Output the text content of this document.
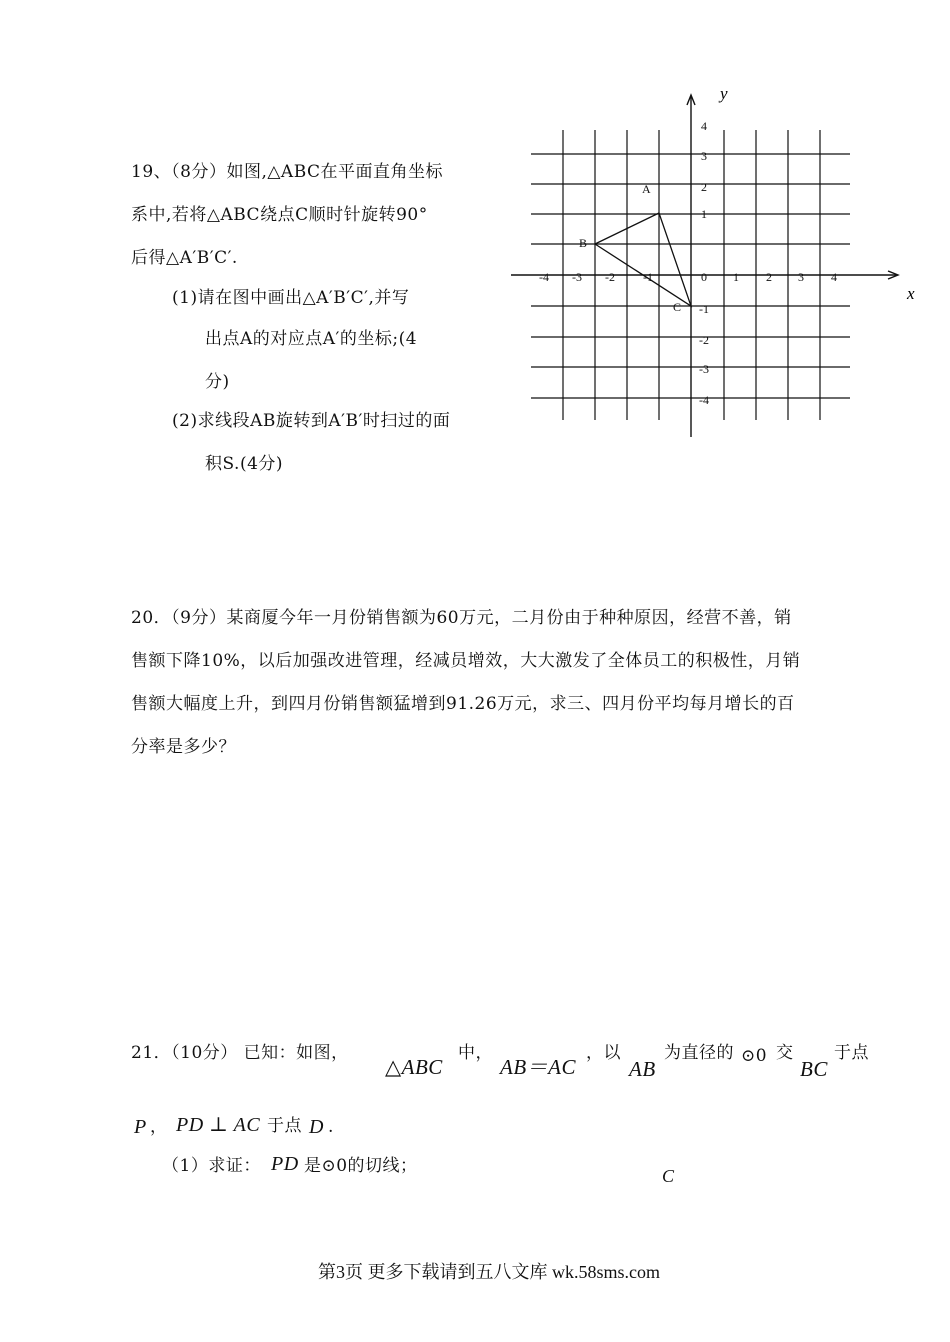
19、（8分）如图,△ABC在平面直角坐标
系中,若将△ABC绕点C顺时针旋转90°
后得△A′B′C′.
(1)请在图中画出△A′B′C′,并写
出点A的对应点A′的坐标;(4
分)
(2)求线段AB旋转到A′B′时扫过的面
积S.(4分)
y
x
-4 -3 -2 -1	0 1 2 3 4
4
3
2
1
-1
-2
-3
-4
A
B
C
20．（9分）某商厦今年一月份销售额为60万元，二月份由于种种原因，经营不善，销
售额下降10%，以后加强改进管理，经减员增效，大大激发了全体员工的积极性，月销
售额大幅度上升，到四月份销售额猛增到91.26万元，求三、四月份平均每月增长的百
分率是多少？
21．（10分） 已知：如图，
△ABC
中，
AB＝AC
，以
AB
为直径的 ⊙0 交
BC
于点
P ， PD ⊥ AC 于点 D .
（1）求证： PD 是⊙0的切线；	C
第3页 更多下载请到五八文库 wk.58sms.com
